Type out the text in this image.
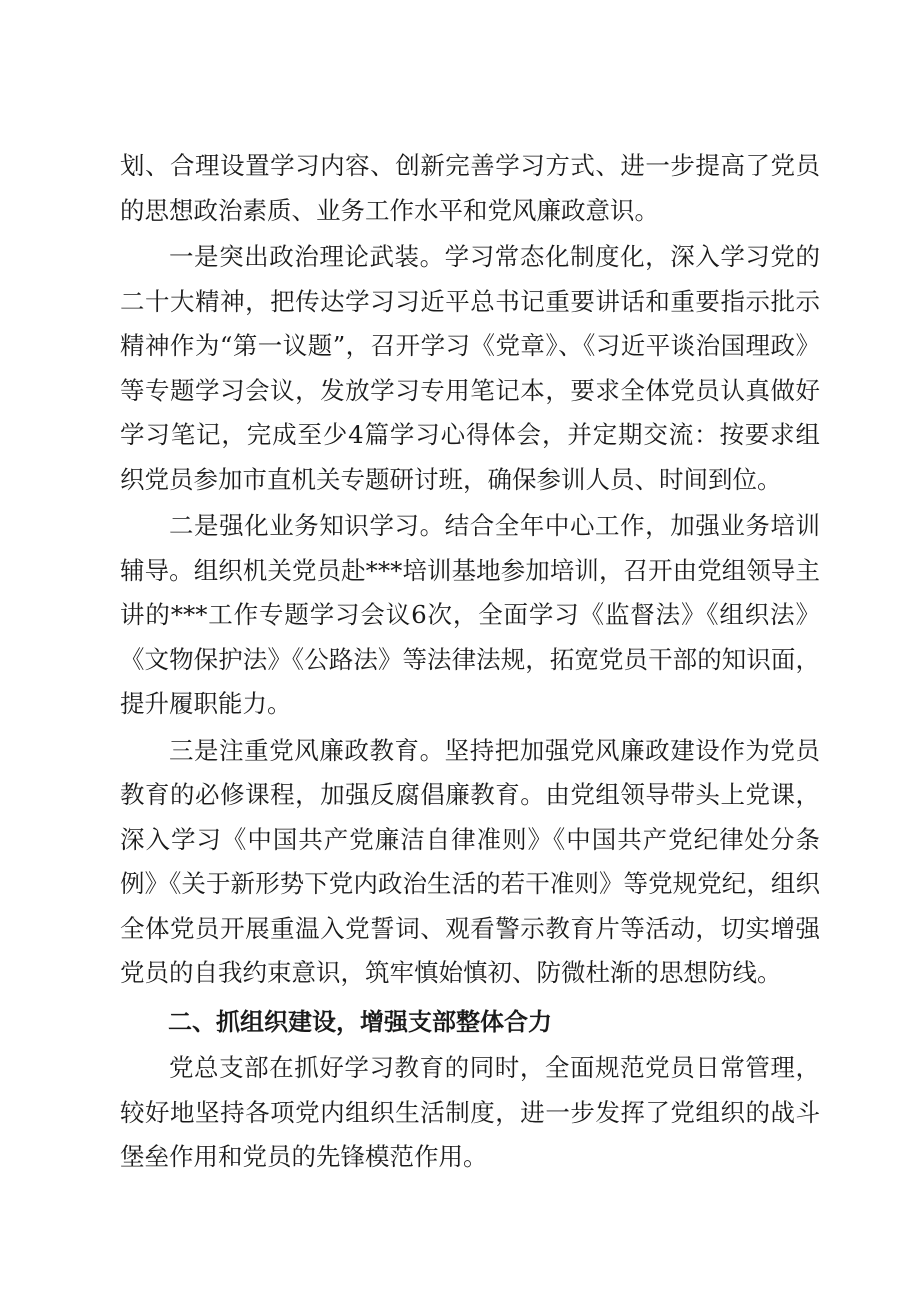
划、合理设置学习内容、创新完善学习方式、进一步提高了党员的思想政治素质、业务工作水平和党风廉政意识。

一是突出政治理论武装。学习常态化制度化，深入学习党的二十大精神，把传达学习习近平总书记重要讲话和重要指示批示精神作为“第一议题”，召开学习《党章》、《习近平谈治国理政》等专题学习会议，发放学习专用笔记本，要求全体党员认真做好学习笔记，完成至少4篇学习心得体会，并定期交流：按要求组织党员参加市直机关专题研讨班，确保参训人员、时间到位。

二是强化业务知识学习。结合全年中心工作，加强业务培训辅导。组织机关党员赴***培训基地参加培训，召开由党组领导主讲的***工作专题学习会议6次，全面学习《监督法》《组织法》《文物保护法》《公路法》等法律法规，拓宽党员干部的知识面，提升履职能力。

三是注重党风廉政教育。坚持把加强党风廉政建设作为党员教育的必修课程，加强反腐倡廉教育。由党组领导带头上党课，深入学习《中国共产党廉洁自律准则》《中国共产党纪律处分条例》《关于新形势下党内政治生活的若干准则》等党规党纪，组织全体党员开展重温入党誓词、观看警示教育片等活动，切实增强党员的自我约束意识，筑牢慎始慎初、防微杜渐的思想防线。

二、抓组织建设，增强支部整体合力

党总支部在抓好学习教育的同时，全面规范党员日常管理，较好地坚持各项党内组织生活制度，进一步发挥了党组织的战斗堡垒作用和党员的先锋模范作用。
